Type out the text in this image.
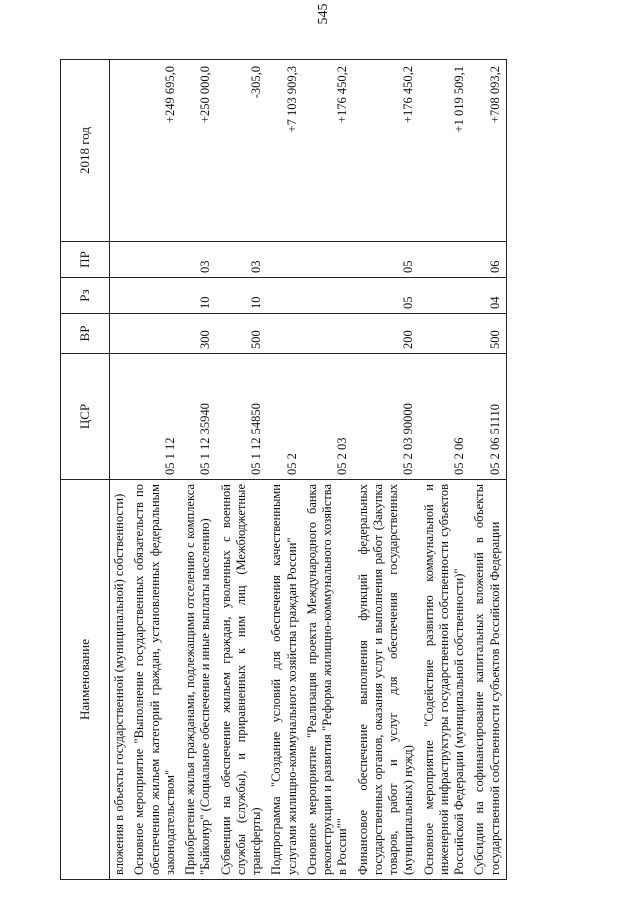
545
Наименование	ЦСР	ВР	Рз	ПР	2018 год
вложения в объекты государственной (муниципальной) собственности)					
Основное мероприятие "Выполнение государственных обязательств по обеспечению жильем категорий граждан, установленных федеральным законодательством"	05 1 12				+249 695,0
Приобретение жилья гражданами, подлежащими отселению с комплекса "Байконур" (Социальное обеспечение и иные выплаты населению)	05 1 12 35940	300	10	03	+250 000,0
Субвенции на обеспечение жильем граждан, уволенных с военной службы (службы), и приравненных к ним лиц (Межбюджетные трансферты)	05 1 12 54850	500	10	03	-305,0
Подпрограмма "Создание условий для обеспечения качественными услугами жилищно-коммунального хозяйства граждан России"	05 2				+7 103 909,3
Основное мероприятие "Реализация проекта Международного банка реконструкции и развития "Реформа жилищно-коммунального хозяйства в России""	05 2 03				+176 450,2
Финансовое обеспечение выполнения функций федеральных государственных органов, оказания услуг и выполнения работ (Закупка товаров, работ и услуг для обеспечения государственных (муниципальных) нужд)	05 2 03 90000	200	05	05	+176 450,2
Основное мероприятие "Содействие развитию коммунальной и инженерной инфраструктуры государственной собственности субъектов Российской Федерации (муниципальной собственности)"	05 2 06				+1 019 509,1
Субсидии на софинансирование капитальных вложений в объекты государственной собственности субъектов Российской Федерации	05 2 06 51110	500	04	06	+708 093,2
